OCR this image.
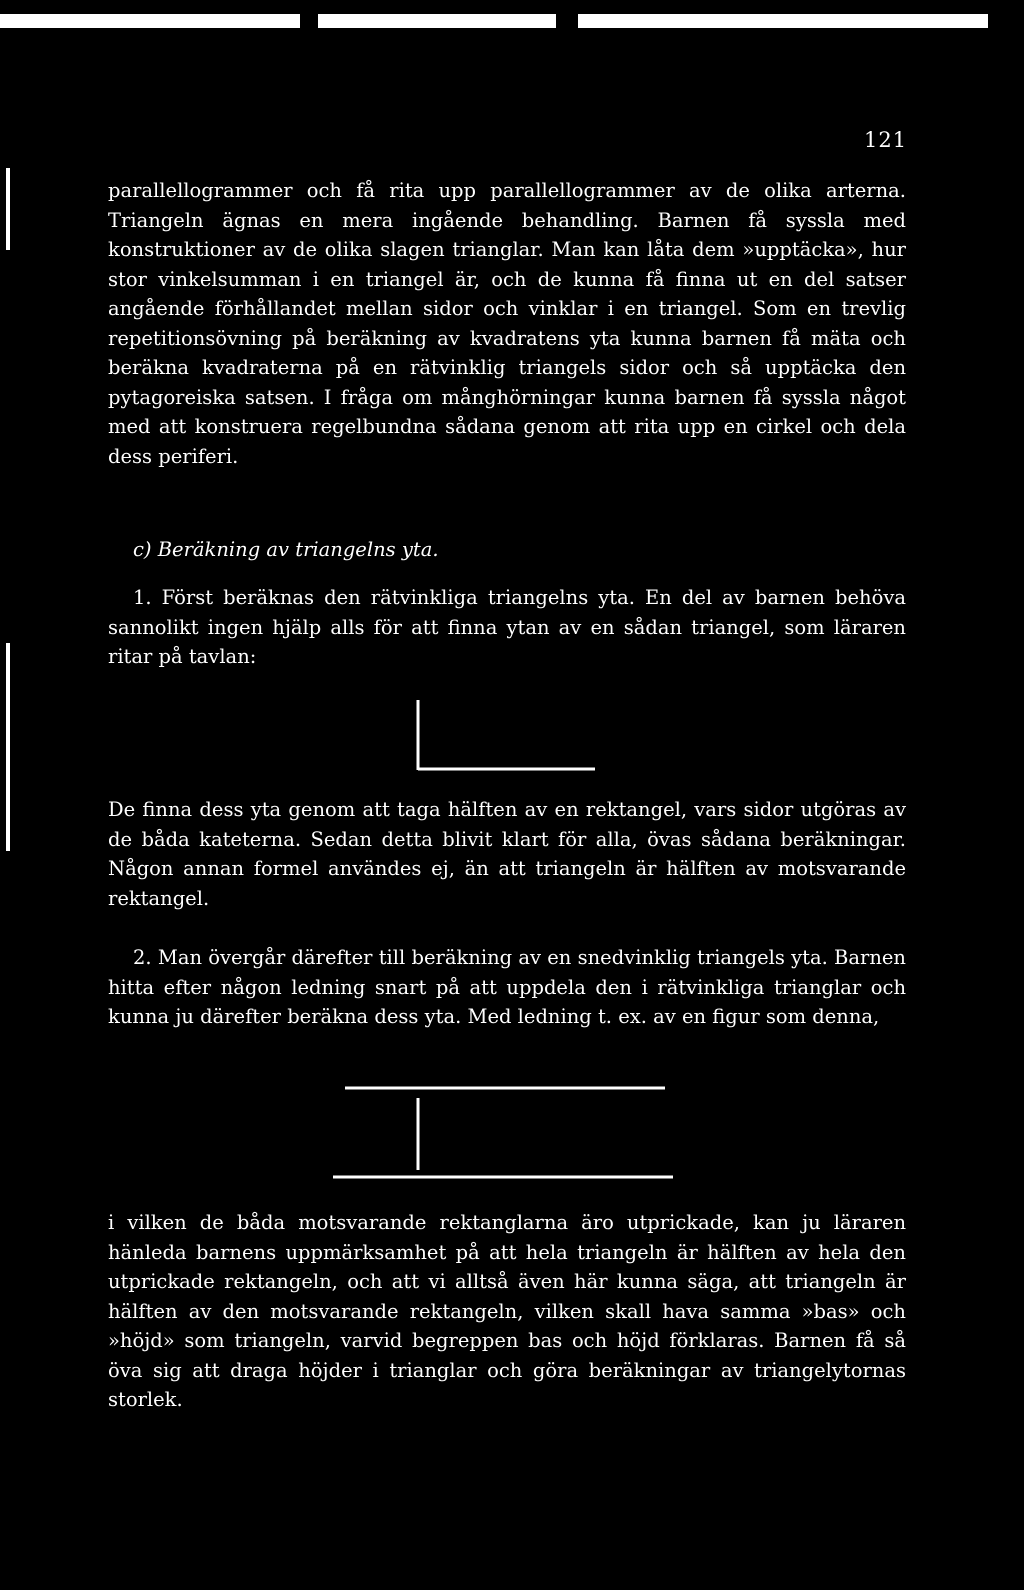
121

parallellogrammer och få rita upp parallellogrammer av de olika arterna. Triangeln ägnas en mera ingående behandling. Barnen få syssla med konstruktioner av de olika slagen trianglar. Man kan låta dem »upptäcka», hur stor vinkelsumman i en triangel är, och de kunna få finna ut en del satser angående förhållandet mellan sidor och vinklar i en triangel. Som en trevlig repetitionsövning på beräkning av kvadratens yta kunna barnen få mäta och beräkna kvadraterna på en rätvinklig triangels sidor och så upptäcka den pytagoreiska satsen. I fråga om månghörningar kunna barnen få syssla något med att konstruera regelbundna sådana genom att rita upp en cirkel och dela dess periferi.

c) Beräkning av triangelns yta.

1. Först beräknas den rätvinkliga triangelns yta. En del av barnen behöva sannolikt ingen hjälp alls för att finna ytan av en sådan triangel, som läraren ritar på tavlan:

De finna dess yta genom att taga hälften av en rektangel, vars sidor utgöras av de båda kateterna. Sedan detta blivit klart för alla, övas sådana beräkningar. Någon annan formel användes ej, än att triangeln är hälften av motsvarande rektangel.

2. Man övergår därefter till beräkning av en snedvinklig triangels yta. Barnen hitta efter någon ledning snart på att uppdela den i rätvinkliga trianglar och kunna ju därefter beräkna dess yta. Med ledning t. ex. av en figur som denna,

i vilken de båda motsvarande rektanglarna äro utprickade, kan ju läraren hänleda barnens uppmärksamhet på att hela triangeln är hälften av hela den utprickade rektangeln, och att vi alltså även här kunna säga, att triangeln är hälften av den motsvarande rektangeln, vilken skall hava samma »bas» och »höjd» som triangeln, varvid begreppen bas och höjd förklaras. Barnen få så öva sig att draga höjder i trianglar och göra beräkningar av triangelytornas storlek.
